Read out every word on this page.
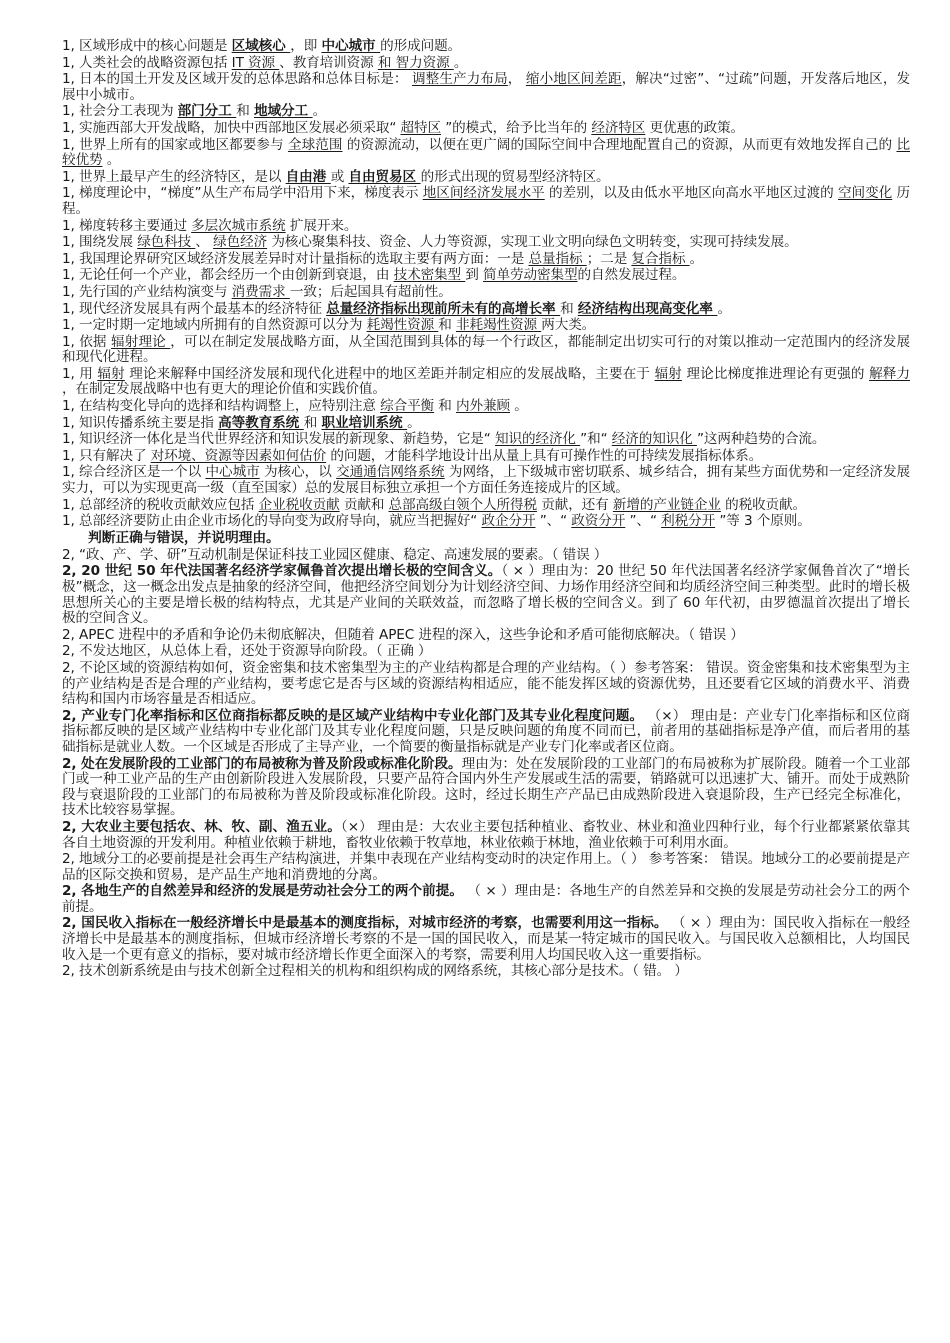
1, 区域形成中的核心问题是 区域核心 ，即 中心城市 的形成问题。

1, 人类社会的战略资源包括 IT 资源 、教育培训资源 和 智力资源 。

1, 日本的国土开发及区域开发的总体思路和总体目标是： 调整生产力布局， 缩小地区间差距，解决“过密”、“过疏”问题，开发落后地区，发展中小城市。

1, 社会分工表现为 部门分工 和 地域分工 。

1, 实施西部大开发战略，加快中西部地区发展必须采取“ 超特区 ”的模式，给予比当年的 经济特区 更优惠的政策。

1, 世界上所有的国家或地区都要参与 全球范围 的资源流动，以便在更广阔的国际空间中合理地配置自己的资源，从而更有效地发挥自己的 比较优势 。

1, 世界上最早产生的经济特区，是以 自由港 或 自由贸易区 的形式出现的贸易型经济特区。

1, 梯度理论中，“梯度”从生产布局学中沿用下来，梯度表示 地区间经济发展水平 的差别，以及由低水平地区向高水平地区过渡的 空间变化 历程。

1, 梯度转移主要通过 多层次城市系统 扩展开来。

1, 围绕发展 绿色科技 、 绿色经济 为核心聚集科技、资金、人力等资源，实现工业文明向绿色文明转变，实现可持续发展。

1, 我国理论界研究区域经济发展差异时对计量指标的选取主要有两方面：一是 总量指标 ；二是 复合指标 。

1, 无论任何一个产业，都会经历一个由创新到衰退，由 技术密集型 到 简单劳动密集型的自然发展过程。

1, 先行国的产业结构演变与 消费需求 一致；后起国具有超前性。

1, 现代经济发展具有两个最基本的经济特征 总量经济指标出现前所未有的高增长率 和 经济结构出现高变化率 。

1, 一定时期一定地域内所拥有的自然资源可以分为 耗竭性资源 和 非耗竭性资源 两大类。

1, 依据 辐射理论 ，可以在制定发展战略方面，从全国范围到具体的每一个行政区，都能制定出切实可行的对策以推动一定范围内的经济发展和现代化进程。

1, 用 辐射 理论来解释中国经济发展和现代化进程中的地区差距并制定相应的发展战略，主要在于 辐射 理论比梯度推进理论有更强的 解释力 ，在制定发展战略中也有更大的理论价值和实践价值。

1, 在结构变化导向的选择和结构调整上，应特别注意 综合平衡 和 内外兼顾 。

1, 知识传播系统主要是指 高等教育系统 和 职业培训系统 。

1, 知识经济一体化是当代世界经济和知识发展的新现象、新趋势，它是“ 知识的经济化 ”和“ 经济的知识化 ”这两种趋势的合流。

1, 只有解决了 对环境、资源等因素如何估价 的问题，才能科学地设计出从量上具有可操作性的可持续发展指标体系。

1, 综合经济区是一个以 中心城市 为核心，以 交通通信网络系统 为网络，上下级城市密切联系、城乡结合，拥有某些方面优势和一定经济发展实力，可以为实现更高一级（直至国家）总的发展目标独立承担一个方面任务连接成片的区域。

1, 总部经济的税收贡献效应包括 企业税收贡献 贡献和 总部高级白领个人所得税 贡献，还有 新增的产业链企业 的税收贡献。

1, 总部经济要防止由企业市场化的导向变为政府导向，就应当把握好“ 政企分开 ”、“ 政资分开 ”、“ 利税分开 ”等 3 个原则。

判断正确与错误，并说明理由。

2, “政、产、学、研”互动机制是保证科技工业园区健康、稳定、高速发展的要素。（ 错误 ）

2, 20 世纪 50 年代法国著名经济学家佩鲁首次提出增长极的空间含义。（ × ）理由为：20 世纪 50 年代法国著名经济学家佩鲁首次了“增长极”概念，这一概念出发点是抽象的经济空间，他把经济空间划分为计划经济空间、力场作用经济空间和均质经济空间三种类型。此时的增长极思想所关心的主要是增长极的结构特点，尤其是产业间的关联效益，而忽略了增长极的空间含义。到了 60 年代初，由罗德温首次提出了增长极的空间含义。

2, APEC 进程中的矛盾和争论仍未彻底解决，但随着 APEC 进程的深入，这些争论和矛盾可能彻底解决。（ 错误 ）

2, 不发达地区，从总体上看，还处于资源导向阶段。（ 正确 ）

2, 不论区域的资源结构如何，资金密集和技术密集型为主的产业结构都是合理的产业结构。（ ）参考答案： 错误。资金密集和技术密集型为主的产业结构是否是合理的产业结构，要考虑它是否与区域的资源结构相适应，能不能发挥区域的资源优势，且还要看它区域的消费水平、消费结构和国内市场容量是否相适应。

2, 产业专门化率指标和区位商指标都反映的是区域产业结构中专业化部门及其专业化程度问题。 （×） 理由是：产业专门化率指标和区位商指标都反映的是区域产业结构中专业化部门及其专业化程度问题，只是反映问题的角度不同而已，前者用的基础指标是净产值，而后者用的基础指标是就业人数。一个区域是否形成了主导产业，一个简要的衡量指标就是产业专门化率或者区位商。

2, 处在发展阶段的工业部门的布局被称为普及阶段或标准化阶段。理由为：处在发展阶段的工业部门的布局被称为扩展阶段。随着一个工业部门或一种工业产品的生产由创新阶段进入发展阶段，只要产品符合国内外生产发展或生活的需要，销路就可以迅速扩大、铺开。而处于成熟阶段与衰退阶段的工业部门的布局被称为普及阶段或标准化阶段。这时，经过长期生产产品已由成熟阶段进入衰退阶段，生产已经完全标准化，技术比较容易掌握。

2, 大农业主要包括农、林、牧、副、渔五业。（×） 理由是：大农业主要包括种植业、畜牧业、林业和渔业四种行业，每个行业都紧紧依靠其各自土地资源的开发利用。种植业依赖于耕地，畜牧业依赖于牧草地，林业依赖于林地，渔业依赖于可利用水面。

2, 地域分工的必要前提是社会再生产结构演进，并集中表现在产业结构变动时的决定作用上。（ ） 参考答案： 错误。地域分工的必要前提是产品的区际交换和贸易，是产品生产地和消费地的分离。

2, 各地生产的自然差异和经济的发展是劳动社会分工的两个前提。 （ × ）理由是：各地生产的自然差异和交换的发展是劳动社会分工的两个前提。

2, 国民收入指标在一般经济增长中是最基本的测度指标，对城市经济的考察，也需要利用这一指标。 （ × ）理由为：国民收入指标在一般经济增长中是最基本的测度指标，但城市经济增长考察的不是一国的国民收入，而是某一特定城市的国民收入。与国民收入总额相比，人均国民收入是一个更有意义的指标，要对城市经济增长作更全面深入的考察，需要利用人均国民收入这一重要指标。

2, 技术创新系统是由与技术创新全过程相关的机构和组织构成的网络系统，其核心部分是技术。（ 错。 ）
